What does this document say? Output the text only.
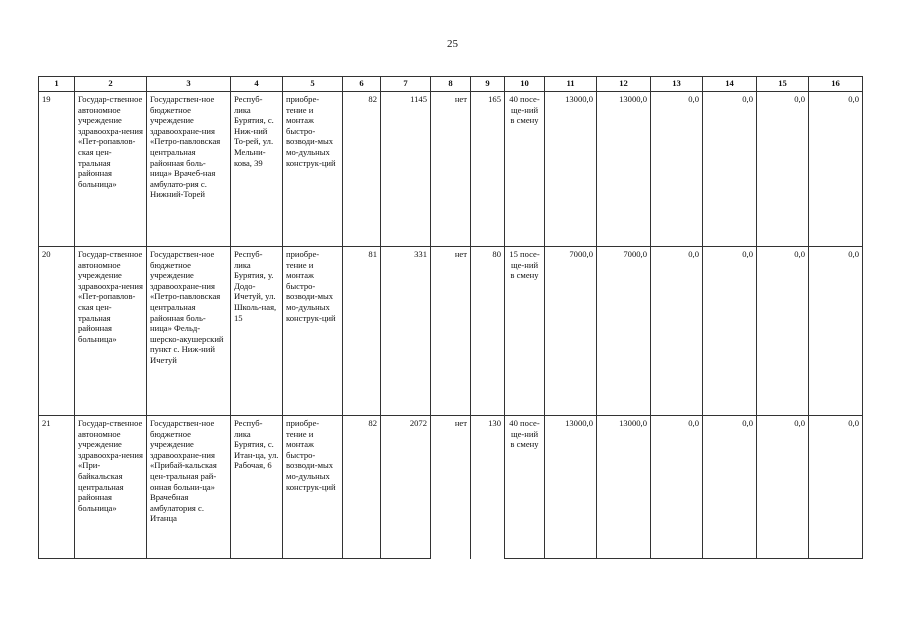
25
1	2	3	4	5	6	7	8	9	10	11	12	13	14	15	16
19	Государ-ственное автономное учреждение здравоохра-нения «Пет-ропавлов-ская цен-тральная районная больница»	Государствен-ное бюджетное учреждение здравоохране-ния «Петро-павловская центральная районная боль-ница» Врачеб-ная амбулато-рия с. Нижний-Торей	Респуб-лика Бурятия, с. Ниж-ний То-рей, ул. Мельни-кова, 39	приобре-тение и монтаж быстро-возводи-мых мо-дульных конструк-ций	82	1145	нет	165	40 посе-ще-ний в смену	13000,0	13000,0	0,0	0,0	0,0	0,0
20	Государ-ственное автономное учреждение здравоохра-нения «Пет-ропавлов-ская цен-тральная районная больница»	Государствен-ное бюджетное учреждение здравоохране-ния «Петро-павловская центральная районная боль-ница» Фельд-шерско-акушерский пункт с. Ниж-ний Ичетуй	Респуб-лика Бурятия, у. Додо-Ичетуй, ул. Школь-ная, 15	приобре-тение и монтаж быстро-возводи-мых мо-дульных конструк-ций	81	331	нет	80	15 посе-ще-ний в смену	7000,0	7000,0	0,0	0,0	0,0	0,0
21	Государ-ственное автономное учреждение здравоохра-нения «При-байкальская центральная районная больница»	Государствен-ное бюджетное учреждение здравоохране-ния «Прибай-кальская цен-тральная рай-онная больни-ца» Врачебная амбулатория с. Итанца	Респуб-лика Бурятия, с. Итан-ца, ул. Рабочая, 6	приобре-тение и монтаж быстро-возводи-мых мо-дульных конструк-ций	82	2072	нет	130	40 посе-ще-ний в смену	13000,0	13000,0	0,0	0,0	0,0	0,0
